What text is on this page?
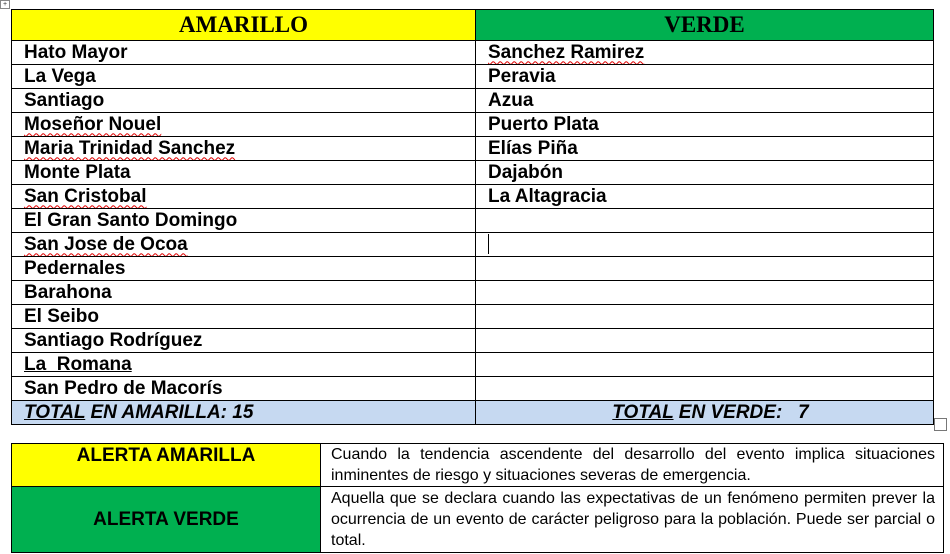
+
AMARILLO	VERDE
Hato Mayor	Sanchez Ramirez
La Vega	Peravia
Santiago	Azua
Moseñor Nouel	Puerto Plata
Maria Trinidad Sanchez	Elías Piña
Monte Plata	Dajabón
San Cristobal	La Altagracia
El Gran Santo Domingo	
San Jose de Ocoa	
Pedernales	
Barahona	
El Seibo	
Santiago Rodríguez	
La  Romana	
San Pedro de Macorís	
TOTAL EN AMARILLA: 15	TOTAL EN VERDE:   7
ALERTA AMARILLA	Cuando la tendencia ascendente del desarrollo del evento implica situaciones inminentes de riesgo y situaciones severas de emergencia.
ALERTA VERDE	Aquella que se declara cuando las expectativas de un fenómeno permiten prever la ocurrencia de un evento de carácter peligroso para la población. Puede ser parcial o total.
